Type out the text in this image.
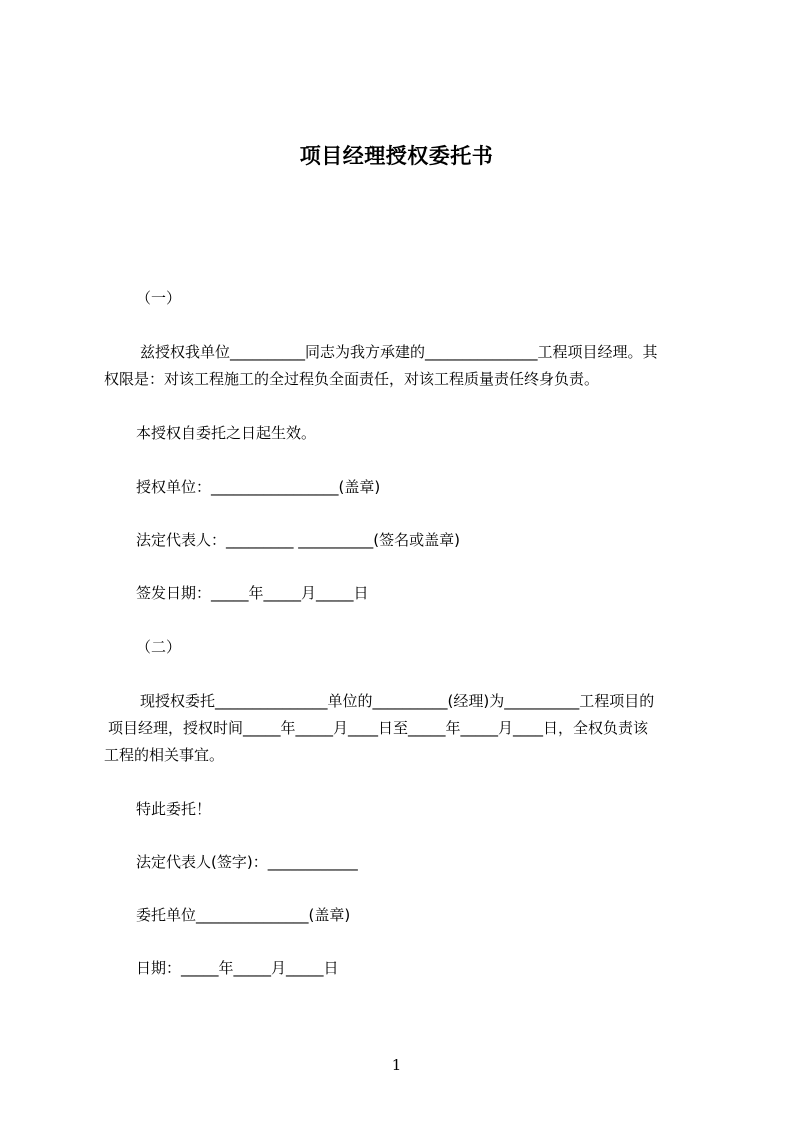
项目经理授权委托书
（一）
兹授权我单位__________同志为我方承建的_______________工程项目经理。其
权限是：对该工程施工的全过程负全面责任，对该工程质量责任终身负责。
本授权自委托之日起生效。
授权单位：_________________(盖章)
法定代表人：_________ __________(签名或盖章)
签发日期：_____年_____月_____日
（二）
现授权委托_______________单位的__________(经理)为__________工程项目的
项目经理，授权时间_____年_____月____日至_____年_____月____日，全权负责该
工程的相关事宜。
特此委托！
法定代表人(签字)：____________
委托单位_______________(盖章)
日期：_____年_____月_____日
1
